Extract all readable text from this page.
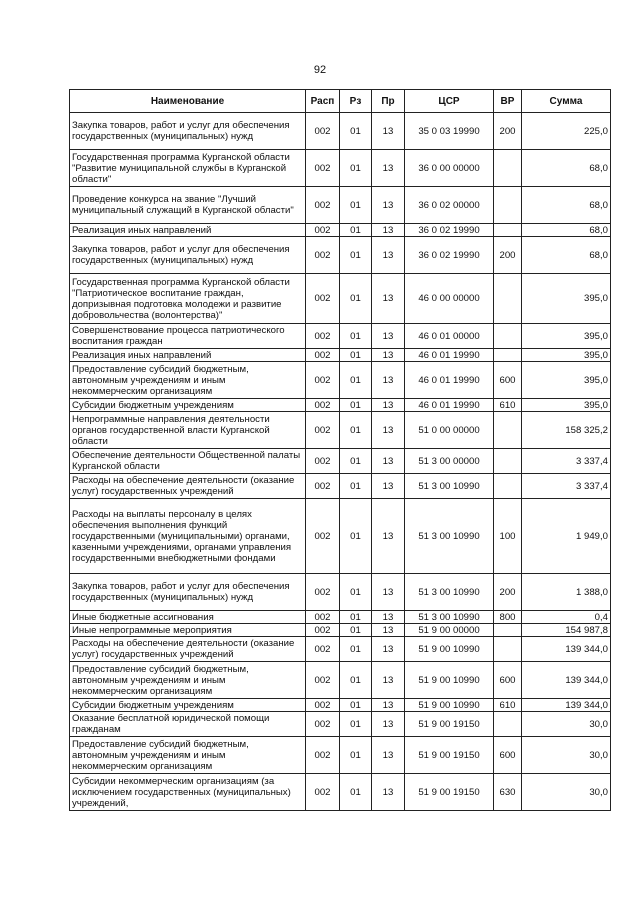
92
Наименование	Расп	Рз	Пр	ЦСР	ВР	Сумма
Закупка товаров, работ и услуг для обеспечения государственных (муниципальных) нужд	002	01	13	35 0 03 19990	200	225,0
Государственная программа Курганской области "Развитие муниципальной службы в Курганской области"	002	01	13	36 0 00 00000		68,0
Проведение конкурса на звание "Лучший муниципальный служащий в Курганской области"	002	01	13	36 0 02 00000		68,0
Реализация иных направлений	002	01	13	36 0 02 19990		68,0
Закупка товаров, работ и услуг для обеспечения государственных (муниципальных) нужд	002	01	13	36 0 02 19990	200	68,0
Государственная программа Курганской области "Патриотическое воспитание граждан, допризывная подготовка молодежи и развитие добровольчества (волонтерства)"	002	01	13	46 0 00 00000		395,0
Совершенствование процесса патриотического воспитания граждан	002	01	13	46 0 01 00000		395,0
Реализация иных направлений	002	01	13	46 0 01 19990		395,0
Предоставление субсидий бюджетным, автономным учреждениям и иным некоммерческим организациям	002	01	13	46 0 01 19990	600	395,0
Субсидии бюджетным учреждениям	002	01	13	46 0 01 19990	610	395,0
Непрограммные направления деятельности органов государственной власти Курганской области	002	01	13	51 0 00 00000		158 325,2
Обеспечение деятельности Общественной палаты Курганской области	002	01	13	51 3 00 00000		3 337,4
Расходы на обеспечение деятельности (оказание услуг) государственных учреждений	002	01	13	51 3 00 10990		3 337,4
Расходы на выплаты персоналу в целях обеспечения выполнения функций государственными (муниципальными) органами, казенными учреждениями, органами управления государственными внебюджетными фондами	002	01	13	51 3 00 10990	100	1 949,0
Закупка товаров, работ и услуг для обеспечения государственных (муниципальных) нужд	002	01	13	51 3 00 10990	200	1 388,0
Иные бюджетные ассигнования	002	01	13	51 3 00 10990	800	0,4
Иные непрограммные мероприятия	002	01	13	51 9 00 00000		154 987,8
Расходы на обеспечение деятельности (оказание услуг) государственных учреждений	002	01	13	51 9 00 10990		139 344,0
Предоставление субсидий бюджетным, автономным учреждениям и иным некоммерческим организациям	002	01	13	51 9 00 10990	600	139 344,0
Субсидии бюджетным учреждениям	002	01	13	51 9 00 10990	610	139 344,0
Оказание бесплатной юридической помощи гражданам	002	01	13	51 9 00 19150		30,0
Предоставление субсидий бюджетным, автономным учреждениям и иным некоммерческим организациям	002	01	13	51 9 00 19150	600	30,0
Субсидии некоммерческим организациям (за исключением государственных (муниципальных) учреждений,	002	01	13	51 9 00 19150	630	30,0
